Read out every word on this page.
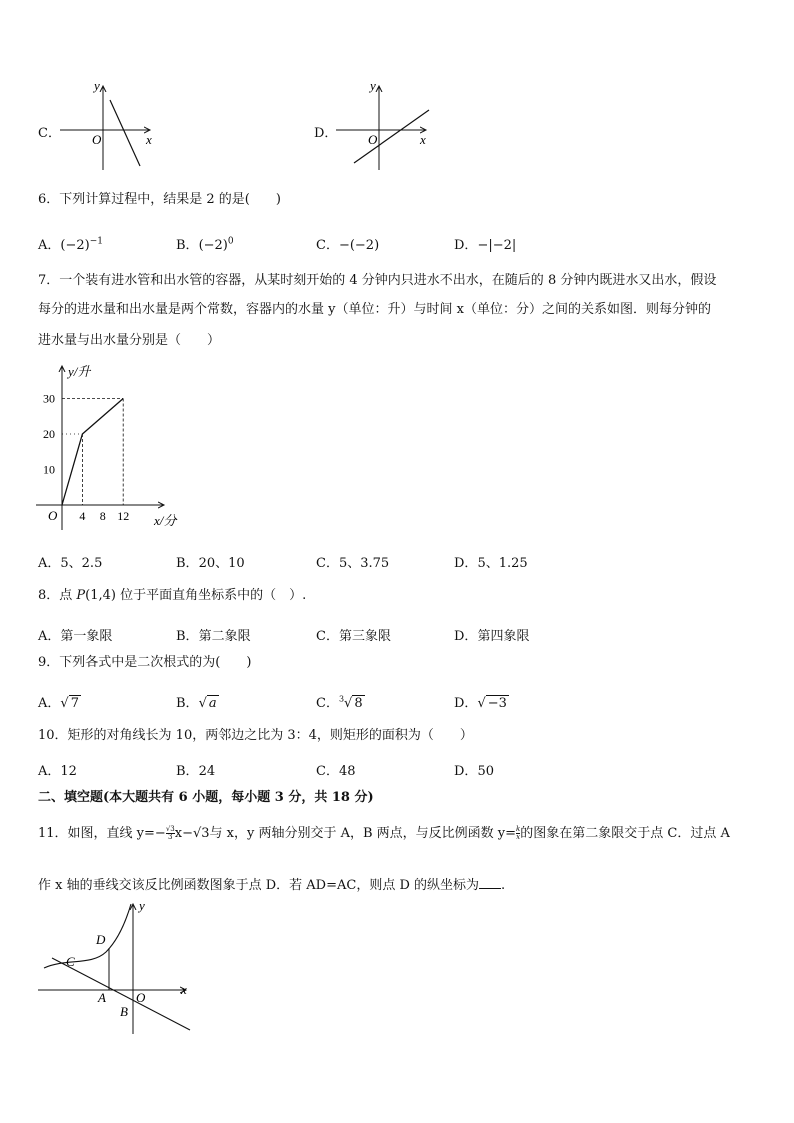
C．
y
x
O	D．
y
x
O
6．下列计算过程中，结果是 2 的是(　　)
A．$(-2)^{-1}$	B．$(-2)^0$	C．−(−2)	D．−|−2|
7．一个装有进水管和出水管的容器，从某时刻开始的 4 分钟内只进水不出水，在随后的 8 分钟内既进水又出水，假设
每分的进水量和出水量是两个常数，容器内的水量 y（单位：升）与时间 x（单位：分）之间的关系如图．则每分钟的
进水量与出水量分别是（　　）
y/升
x/分
O
10
20
30
4 8 12
A．5、2.5	B．20、10	C．5、3.75	D．5、1.25
8．点 P(1,4) 位于平面直角坐标系中的（　）.
A．第一象限	B．第二象限	C．第三象限	D．第四象限
9．下列各式中是二次根式的为(　　)
A．√ 7	B．√ a	C．$^3$√ 8	D．√ −3
10．矩形的对角线长为 10，两邻边之比为 3：4，则矩形的面积为（　　）
A．12	B．24	C．48	D．50
二、填空题(本大题共有 6 小题，每小题 3 分，共 18 分)
11．如图，直线 $y=- \frac{√3}{3} x-√3$与 x，y 两轴分别交于 A，B 两点，与反比例函数 $y= \frac{k}{x}$ 的图象在第二象限交于点 C．过点 A
作 x 轴的垂线交该反比例函数图象于点 D．若 AD=AC，则点 D 的纵坐标为 .
y
x
O
A
B
C
D
